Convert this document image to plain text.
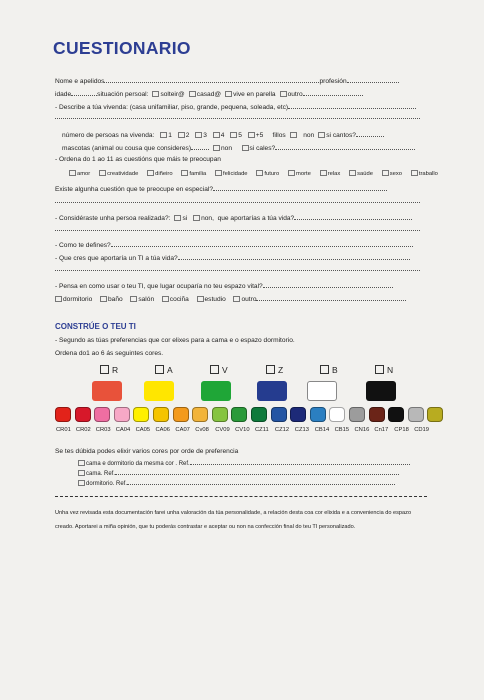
CUESTIONARIO
Nome e apelidos	profesión
idade	situación persoal: solteir@ casad@ vive en parella outro
- Describe a túa vivenda: (casa unifamiliar, piso, grande, pequena, soleada, etc)
número de persoas na vivenda: 1 2 3 4 5 +5 fillos	non si cantos?
mascotas (animal ou cousa que consideres)	non	si cales?
- Ordena do 1 ao 11 as cuestións que máis te preocupan
amor	creatividade	diñeiro	familia	felicidade	futuro	morte	relax	saúde	sexo	traballo
Existe algunha cuestión que te preocupe en especial?
- Considéraste unha persoa realizada?: si non, que aportarías a túa vida?
- Como te defines?
- Que cres que aportaría un TI a túa vida?
- Pensa en como usar o teu TI, que lugar ocuparía no teu espazo vital?
dormitorio baño salón cociña estudio outro
CONSTRÚE O TEU TI
- Segundo as túas preferencias que cor elixes para a cama e o espazo dormitorio.
Ordena do1 ao 6 ás seguintes cores.
R	A	V	Z	B	N
CR01 CR02 CR03 CA04 CA05 CA06 CA07 Cv08 CV09 CV10 CZ11 CZ12 CZ13 CB14 CB15 CN16 Cn17 CP18 CD19
Se tes dúbida podes elixir varios cores por orde de preferencia
cama e dormitorio da mesma cor . Ref.
cama. Ref.
dormitorio. Ref.
Unha vez revisada esta documentación farei unha valoración da túa personalidade, a relación desta coa cor elixida e a conveniencia do espazo
creado. Aportarei a miña opinión, que tu poderás contrastar e aceptar ou non na confección final do teu TI personalizado.
